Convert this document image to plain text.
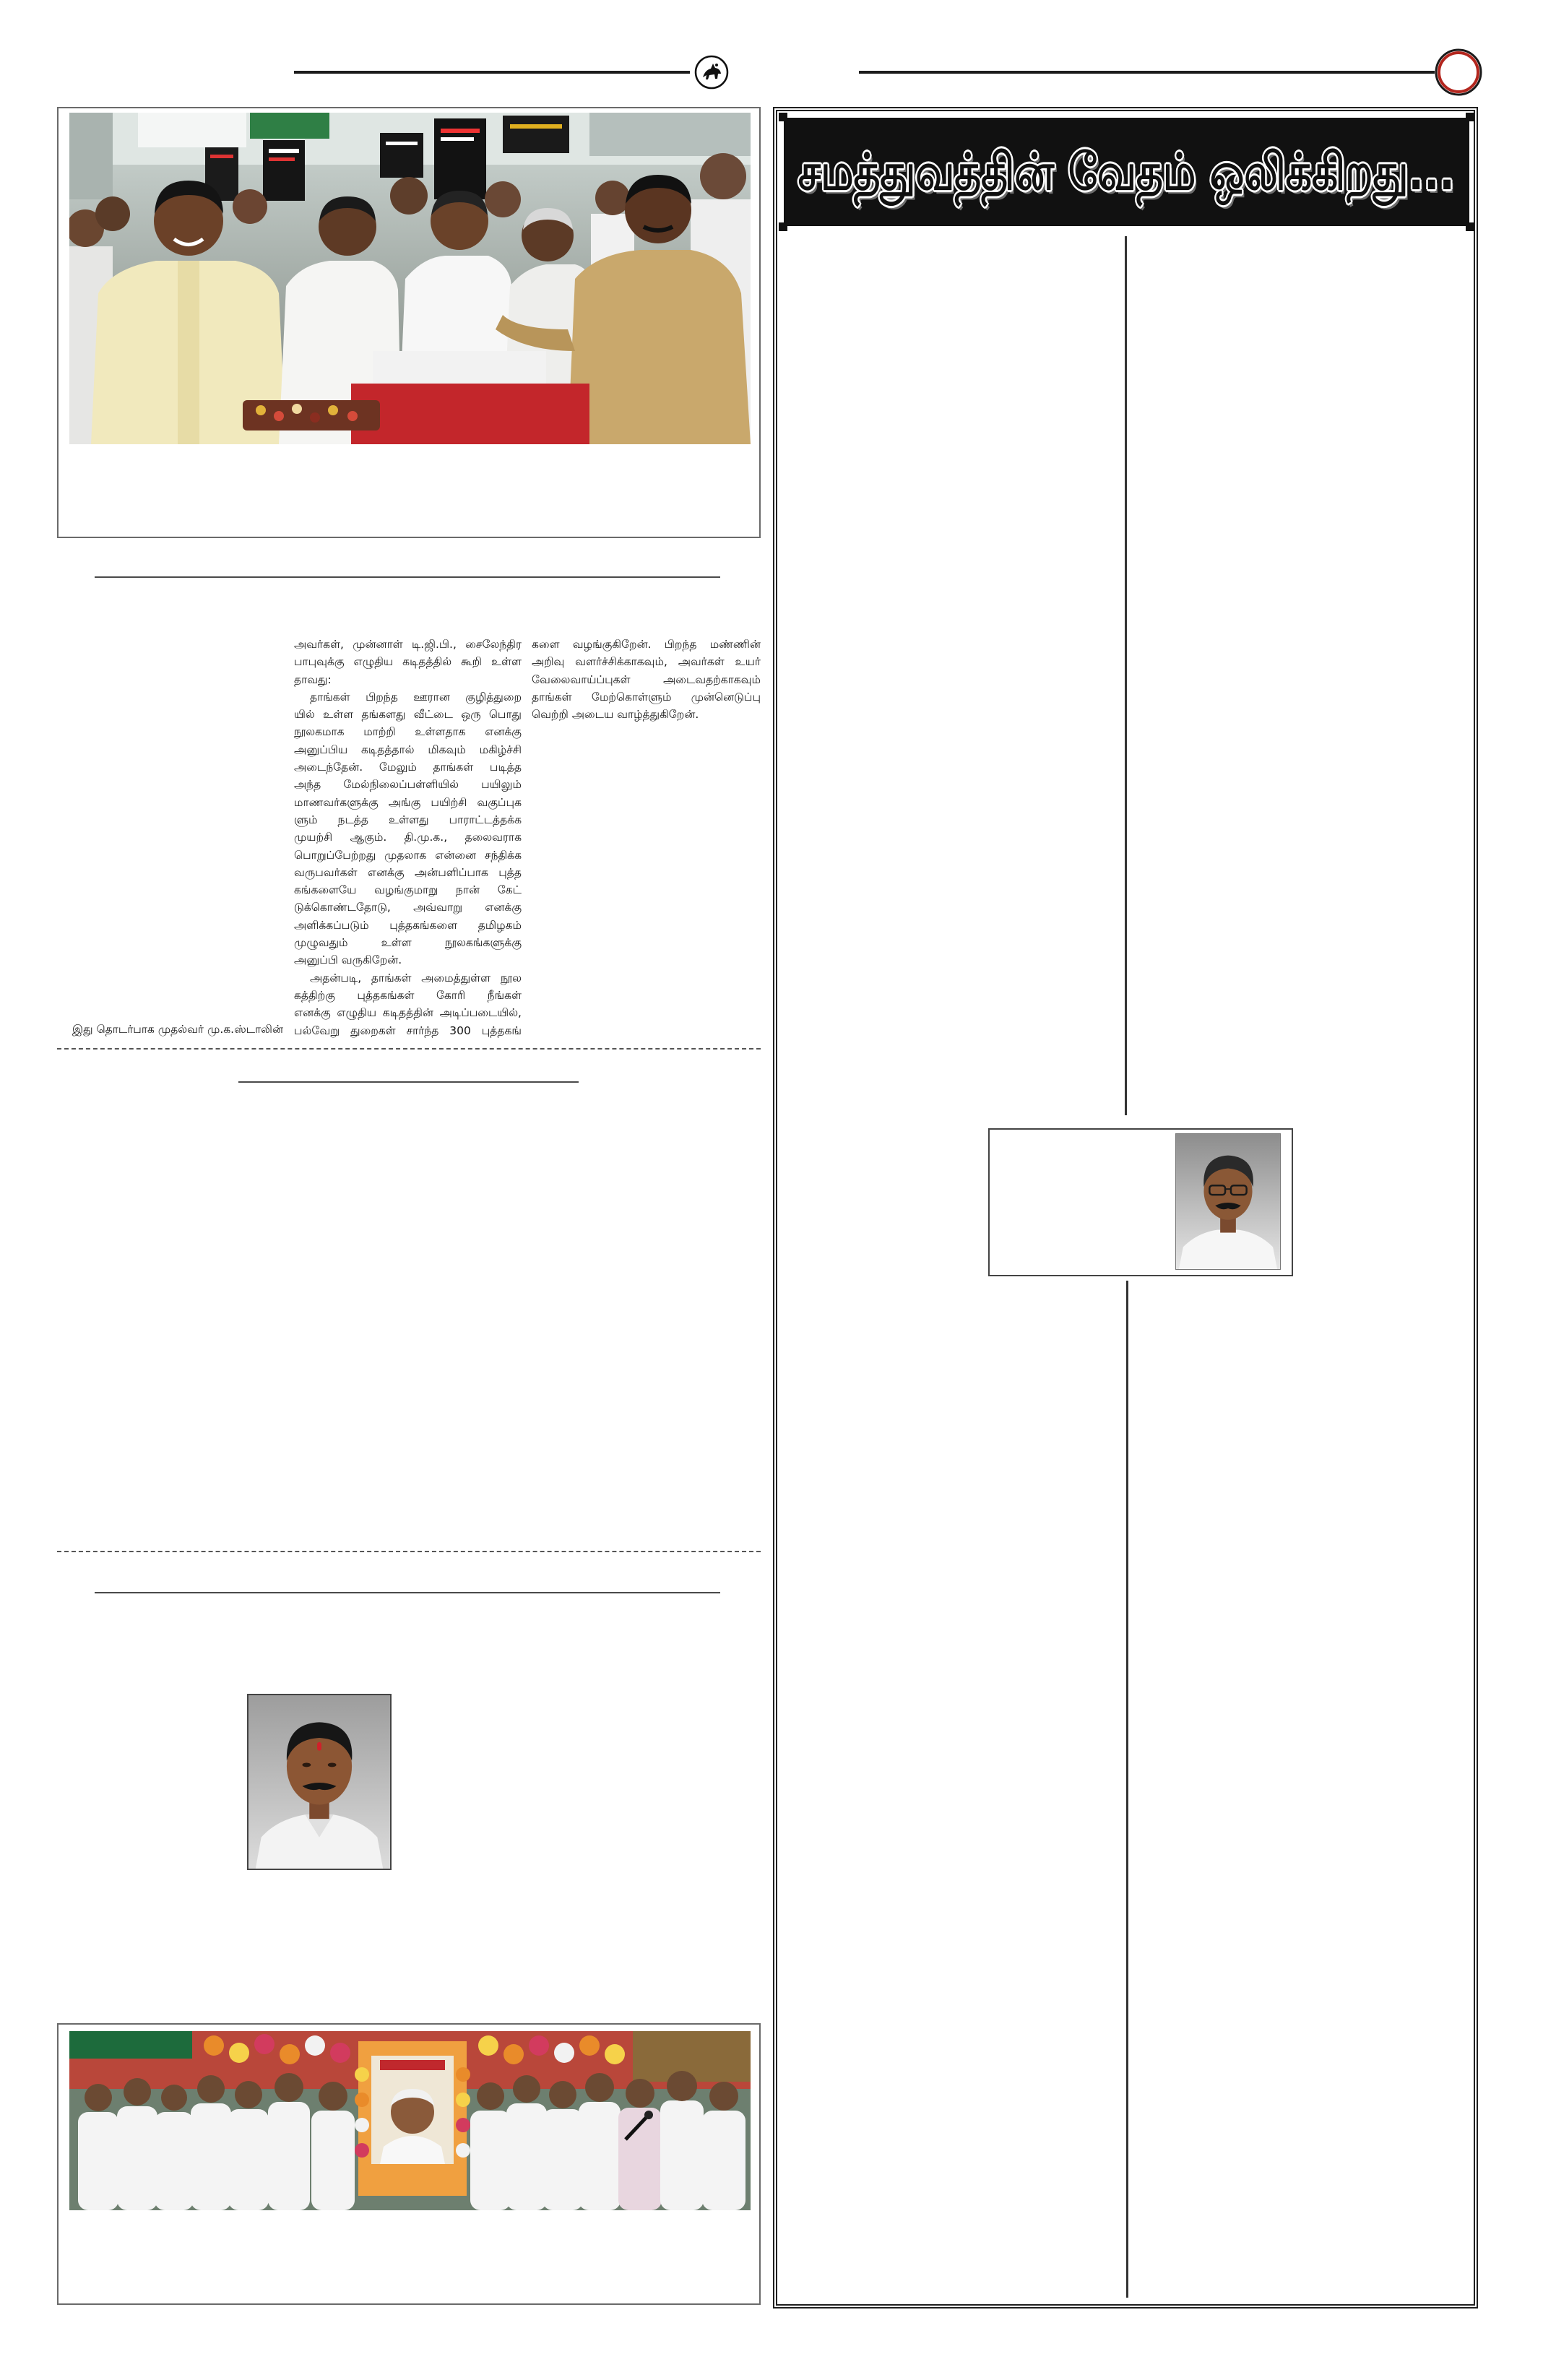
இது தொடர்பாக முதல்வர் மு.க.ஸ்டாலின்
அவர்கள், முன்னாள் டி.ஜி.பி., சைலேந்திர
பாபுவுக்கு எழுதிய கடிதத்தில் கூறி உள்ள
தாவது:
தாங்கள் பிறந்த ஊரான குழித்துறை
யில் உள்ள தங்களது வீட்டை ஒரு பொது
நூலகமாக மாற்றி உள்ளதாக எனக்கு
அனுப்பிய கடிதத்தால் மிகவும் மகிழ்ச்சி
அடைந்தேன். மேலும் தாங்கள் படித்த
அந்த மேல்நிலைப்பள்ளியில் பயிலும்
மாணவர்களுக்கு அங்கு பயிற்சி வகுப்புக
ளும் நடத்த உள்ளது பாராட்டத்தக்க
முயற்சி ஆகும். தி.மு.க., தலைவராக
பொறுப்பேற்றது முதலாக என்னை சந்திக்க
வருபவர்கள் எனக்கு அன்பளிப்பாக புத்த
கங்களையே வழங்குமாறு நான் கேட்
டுக்கொண்டதோடு, அவ்வாறு எனக்கு
அளிக்கப்படும் புத்தகங்களை தமிழகம்
முழுவதும் உள்ள நூலகங்களுக்கு
அனுப்பி வருகிறேன்.
அதன்படி, தாங்கள் அமைத்துள்ள நூல
கத்திற்கு புத்தகங்கள் கோரி நீங்கள்
எனக்கு எழுதிய கடிதத்தின் அடிப்படையில்,
பல்வேறு துறைகள் சார்ந்த 300 புத்தகங்
களை வழங்குகிறேன். பிறந்த மண்ணின்
அறிவு வளர்ச்சிக்காகவும், அவர்கள் உயர்
வேலைவாய்ப்புகள் அடைவதற்காகவும்
தாங்கள் மேற்கொள்ளும் முன்னெடுப்பு
வெற்றி அடைய வாழ்த்துகிறேன்.
சமத்துவத்தின் வேதம் ஒலிக்கிறது...
